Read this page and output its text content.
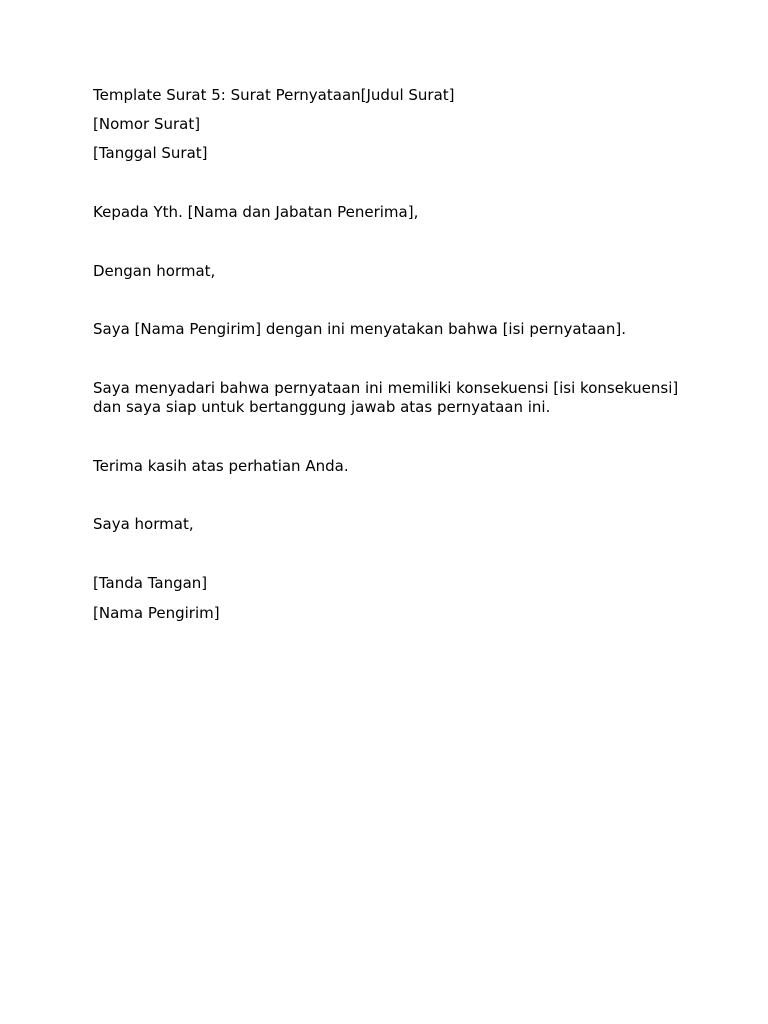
Template Surat 5: Surat Pernyataan[Judul Surat]

[Nomor Surat]

[Tanggal Surat]

Kepada Yth. [Nama dan Jabatan Penerima],

Dengan hormat,

Saya [Nama Pengirim] dengan ini menyatakan bahwa [isi pernyataan].

Saya menyadari bahwa pernyataan ini memiliki konsekuensi [isi konsekuensi] dan saya siap untuk bertanggung jawab atas pernyataan ini.

Terima kasih atas perhatian Anda.

Saya hormat,

[Tanda Tangan]

[Nama Pengirim]
